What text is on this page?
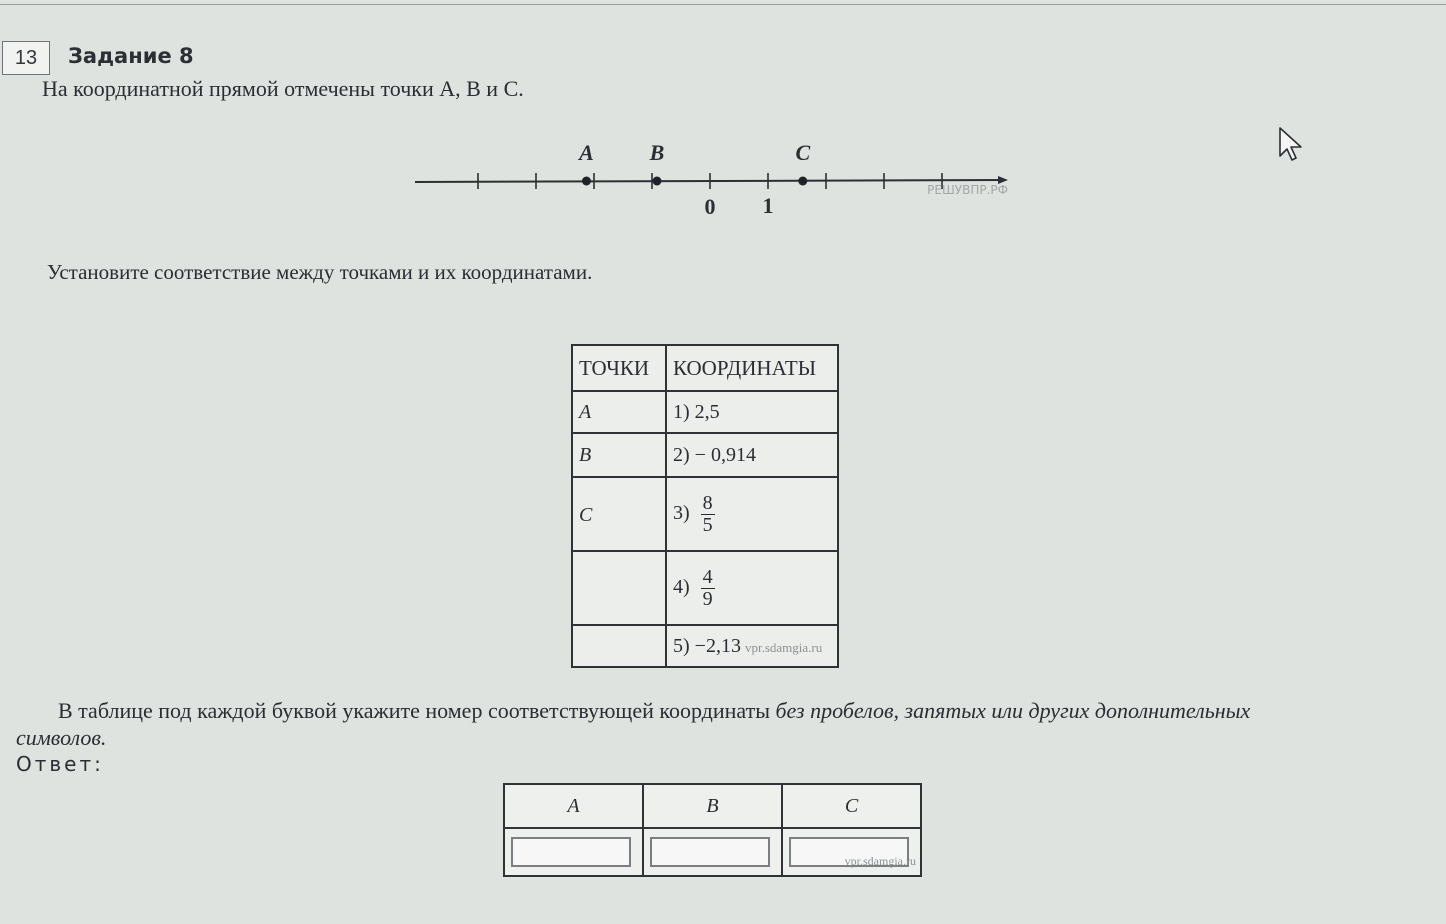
13	Задание 8
На координатной прямой отмечены точки A, B и C.
A	B	C
0 1
РЕШУВПР.РФ
Установите соответствие между точками и их координатами.
ТОЧКИ	КООРДИНАТЫ
A	1) 2,5
B	2) − 0,914
C	$3) \frac{8}{5}$

	$4) \frac{4}{9}$

	5) −2,13 vpr.sdamgia.ru
В таблице под каждой буквой укажите номер соответствующей координаты без пробелов, запятых или других дополнительных
символов.
Ответ:
A	B	C

vpr.sdamgia.ru
